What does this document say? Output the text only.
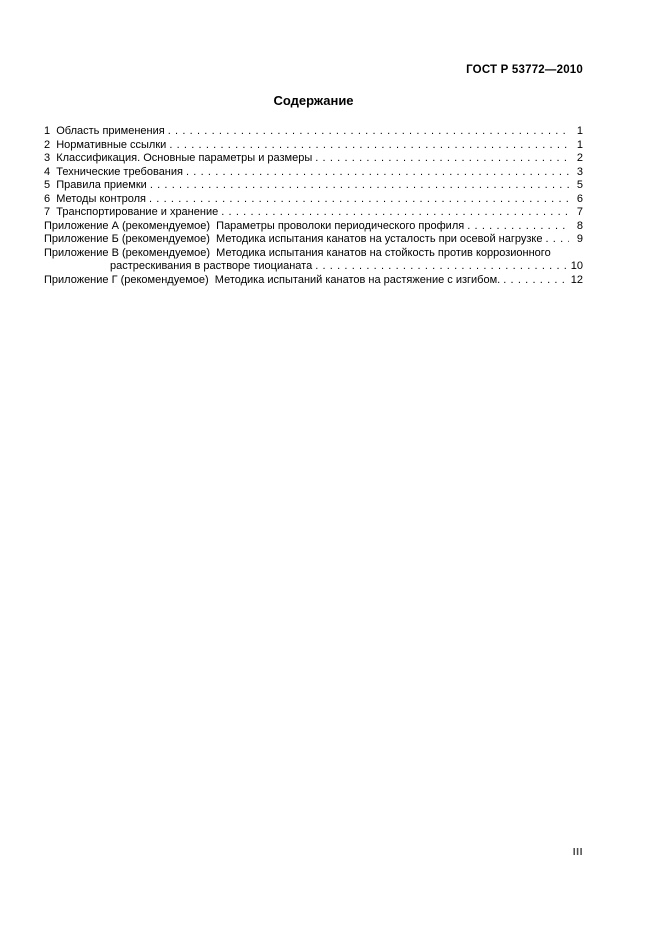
ГОСТ Р 53772—2010
Содержание
1  Область применения . . .	1
2  Нормативные ссылки . . .	1
3  Классификация. Основные параметры и размеры . . .	2
4  Технические требования . . .	3
5  Правила приемки . . .	5
6  Методы контроля . . .	6
7  Транспортирование и хранение . . .	7
Приложение А (рекомендуемое)  Параметры проволоки периодического профиля . . .	8
Приложение Б (рекомендуемое)  Методика испытания канатов на усталость при осевой нагрузке . . .	9
Приложение В (рекомендуемое)  Методика испытания канатов на стойкость против коррозионного
растрескивания в растворе тиоцианата . . .	10
Приложение Г (рекомендуемое)  Методика испытаний канатов на растяжение с изгибом. . . .	12
III
